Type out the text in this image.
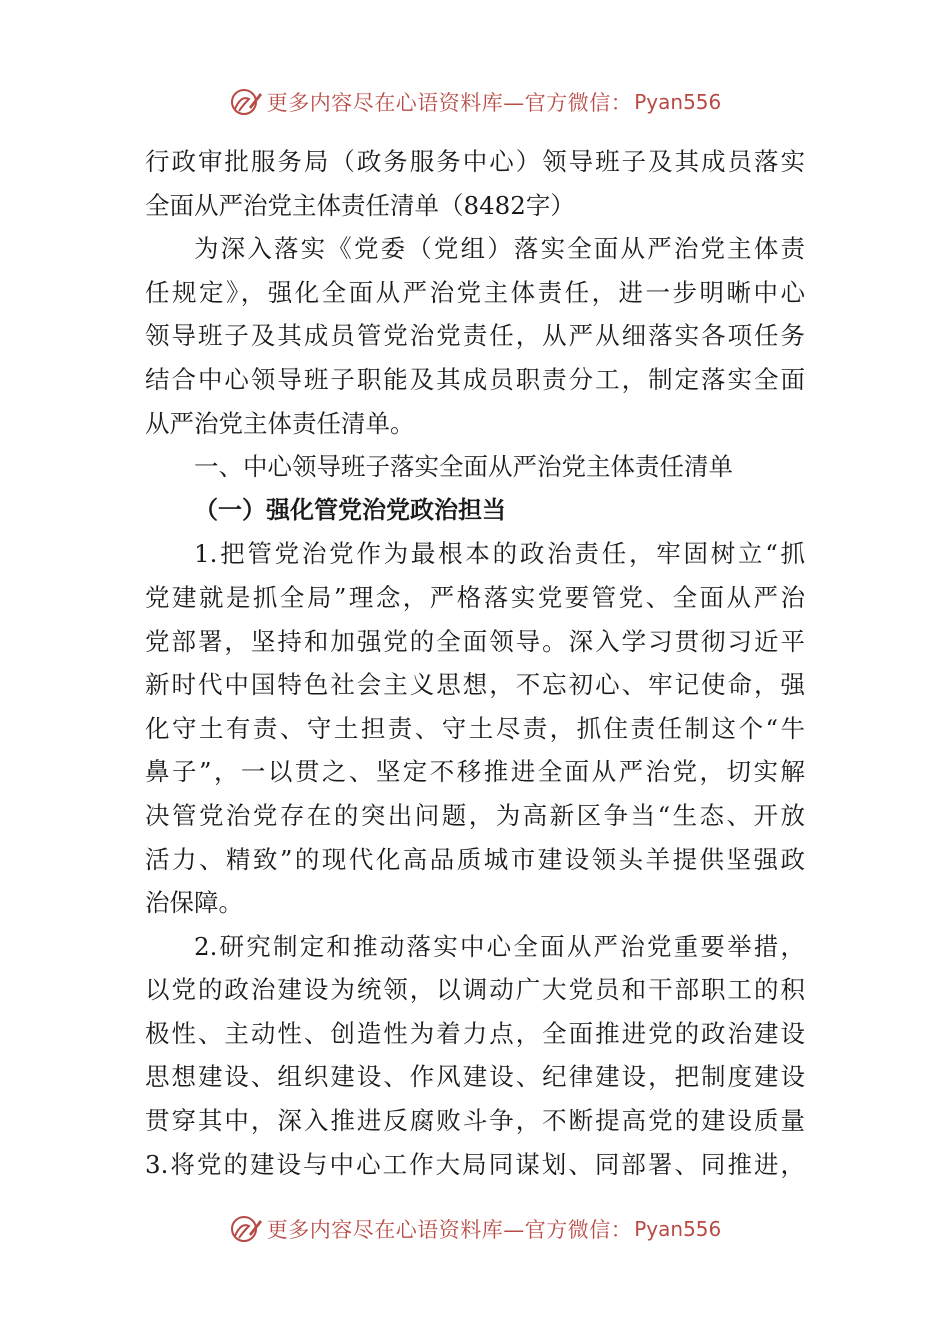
更多内容尽在心语资料库—官方微信： Pyan556
行政审批服务局（政务服务中心）领导班子及其成员落实
全面从严治党主体责任清单（8482字）
为深入落实《党委（党组）落实全面从严治党主体责
任规定》，强化全面从严治党主体责任，进一步明晰中心
领导班子及其成员管党治党责任，从严从细落实各项任务
结合中心领导班子职能及其成员职责分工，制定落实全面
从严治党主体责任清单。
一、中心领导班子落实全面从严治党主体责任清单
（一）强化管党治党政治担当
1.把管党治党作为最根本的政治责任，牢固树立“抓
党建就是抓全局”理念，严格落实党要管党、全面从严治
党部署，坚持和加强党的全面领导。深入学习贯彻习近平
新时代中国特色社会主义思想，不忘初心、牢记使命，强
化守土有责、守土担责、守土尽责，抓住责任制这个“牛
鼻子”，一以贯之、坚定不移推进全面从严治党，切实解
决管党治党存在的突出问题，为高新区争当“生态、开放
活力、精致”的现代化高品质城市建设领头羊提供坚强政
治保障。
2.研究制定和推动落实中心全面从严治党重要举措，
以党的政治建设为统领，以调动广大党员和干部职工的积
极性、主动性、创造性为着力点，全面推进党的政治建设
思想建设、组织建设、作风建设、纪律建设，把制度建设
贯穿其中，深入推进反腐败斗争，不断提高党的建设质量
3.将党的建设与中心工作大局同谋划、同部署、同推进，
更多内容尽在心语资料库—官方微信： Pyan556
